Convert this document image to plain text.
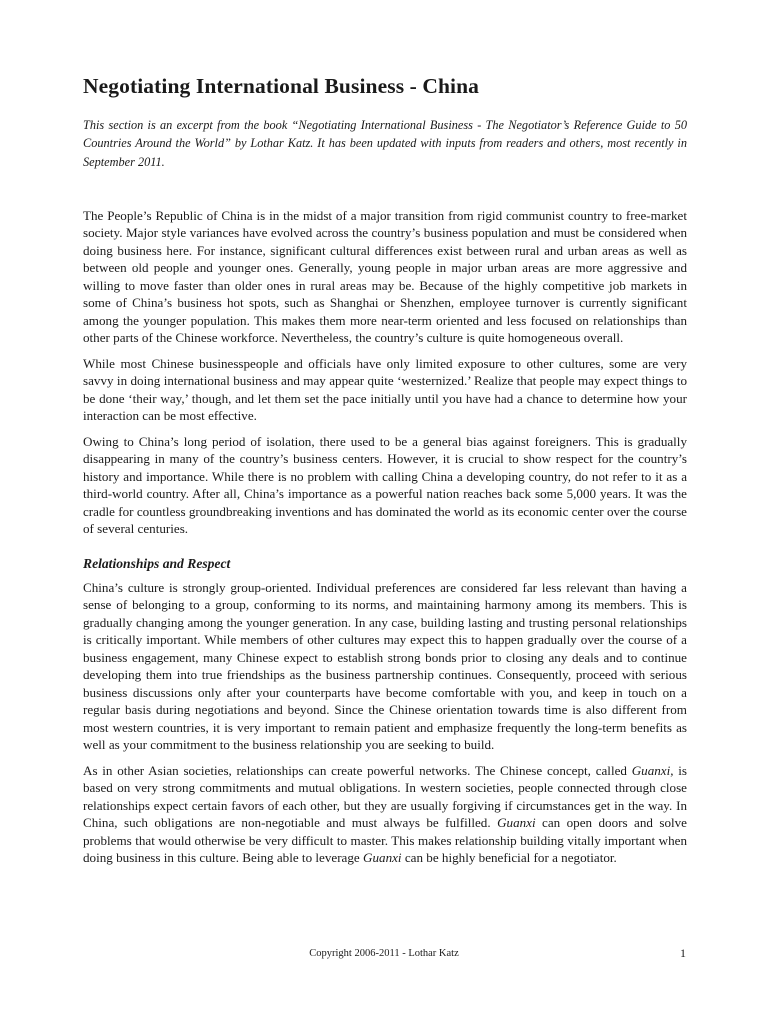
Negotiating International Business - China

This section is an excerpt from the book “Negotiating International Business - The Negotiator’s Reference Guide to 50 Countries Around the World” by Lothar Katz. It has been updated with inputs from readers and others, most recently in September 2011.

The People’s Republic of China is in the midst of a major transition from rigid communist country to free-market society. Major style variances have evolved across the country’s business population and must be considered when doing business here. For instance, significant cultural differences exist between rural and urban areas as well as between old people and younger ones. Generally, young people in major urban areas are more aggressive and willing to move faster than older ones in rural areas may be. Because of the highly competitive job markets in some of China’s business hot spots, such as Shanghai or Shenzhen, employee turnover is currently significant among the younger population. This makes them more near-term oriented and less focused on relationships than other parts of the Chinese workforce. Nevertheless, the country’s culture is quite homogeneous overall.

While most Chinese businesspeople and officials have only limited exposure to other cultures, some are very savvy in doing international business and may appear quite ‘westernized.’ Realize that people may expect things to be done ‘their way,’ though, and let them set the pace initially until you have had a chance to determine how your interaction can be most effective.

Owing to China’s long period of isolation, there used to be a general bias against foreigners. This is gradually disappearing in many of the country’s business centers. However, it is crucial to show respect for the country’s history and importance. While there is no problem with calling China a developing country, do not refer to it as a third-world country. After all, China’s importance as a powerful nation reaches back some 5,000 years. It was the cradle for countless groundbreaking inventions and has dominated the world as its economic center over the course of several centuries.

Relationships and Respect

China’s culture is strongly group-oriented. Individual preferences are considered far less relevant than having a sense of belonging to a group, conforming to its norms, and maintaining harmony among its members. This is gradually changing among the younger generation. In any case, building lasting and trusting personal relationships is critically important. While members of other cultures may expect this to happen gradually over the course of a business engagement, many Chinese expect to establish strong bonds prior to closing any deals and to continue developing them into true friendships as the business partnership continues. Consequently, proceed with serious business discussions only after your counterparts have become comfortable with you, and keep in touch on a regular basis during negotiations and beyond. Since the Chinese orientation towards time is also different from most western countries, it is very important to remain patient and emphasize frequently the long-term benefits as well as your commitment to the business relationship you are seeking to build.

As in other Asian societies, relationships can create powerful networks. The Chinese concept, called Guanxi, is based on very strong commitments and mutual obligations. In western societies, people connected through close relationships expect certain favors of each other, but they are usually forgiving if circumstances get in the way. In China, such obligations are non-negotiable and must always be fulfilled. Guanxi can open doors and solve problems that would otherwise be very difficult to master. This makes relationship building vitally important when doing business in this culture. Being able to leverage Guanxi can be highly beneficial for a negotiator.

Copyright 2006-2011 - Lothar Katz	1
